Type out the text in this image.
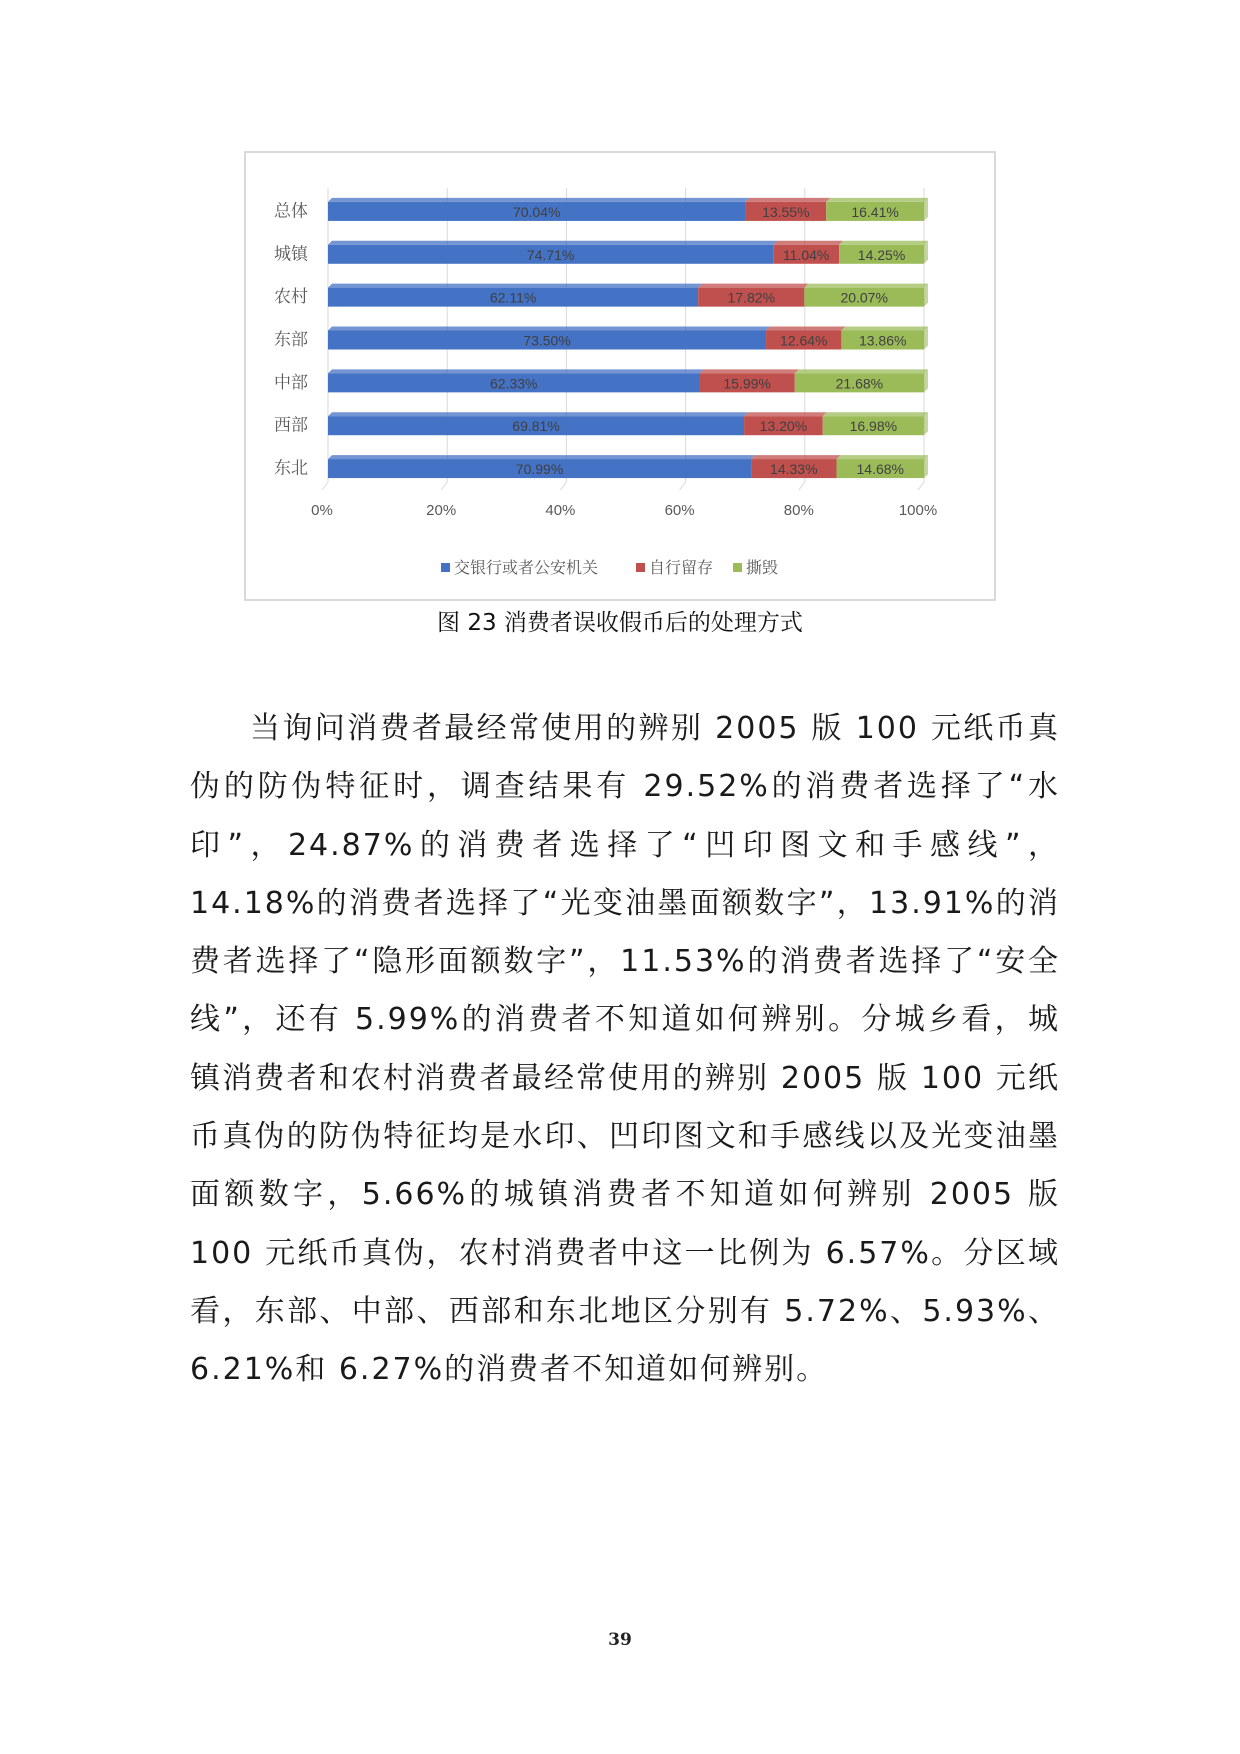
0%	20%	40%	60%	80%	100%
总体	70.04%	13.55%	16.41%
城镇	74.71%	11.04% 14.25%
农村	62.11%	17.82%	20.07%
东部	73.50%	12.64% 13.86%
中部	62.33%	15.99%	21.68%
西部	69.81%	13.20%	16.98%
东北	70.99%	14.33%	14.68%
交银行或者公安机关	自行留存 撕毁
图 23 消费者误收假币后的处理方式

当询问消费者最经常使用的辨别 2005 版 100 元纸币真伪的防伪特征时，调查结果有 29.52%的消费者选择了“水印”，24.87%的消费者选择了“凹印图文和手感线”，14.18%的消费者选择了“光变油墨面额数字”，13.91%的消费者选择了“隐形面额数字”，11.53%的消费者选择了“安全线”，还有 5.99%的消费者不知道如何辨别。分城乡看，城镇消费者和农村消费者最经常使用的辨别 2005 版 100 元纸币真伪的防伪特征均是水印、凹印图文和手感线以及光变油墨面额数字，5.66%的城镇消费者不知道如何辨别 2005 版 100 元纸币真伪，农村消费者中这一比例为 6.57%。分区域看，东部、中部、西部和东北地区分别有 5.72%、5.93%、6.21%和 6.27%的消费者不知道如何辨别。

39
